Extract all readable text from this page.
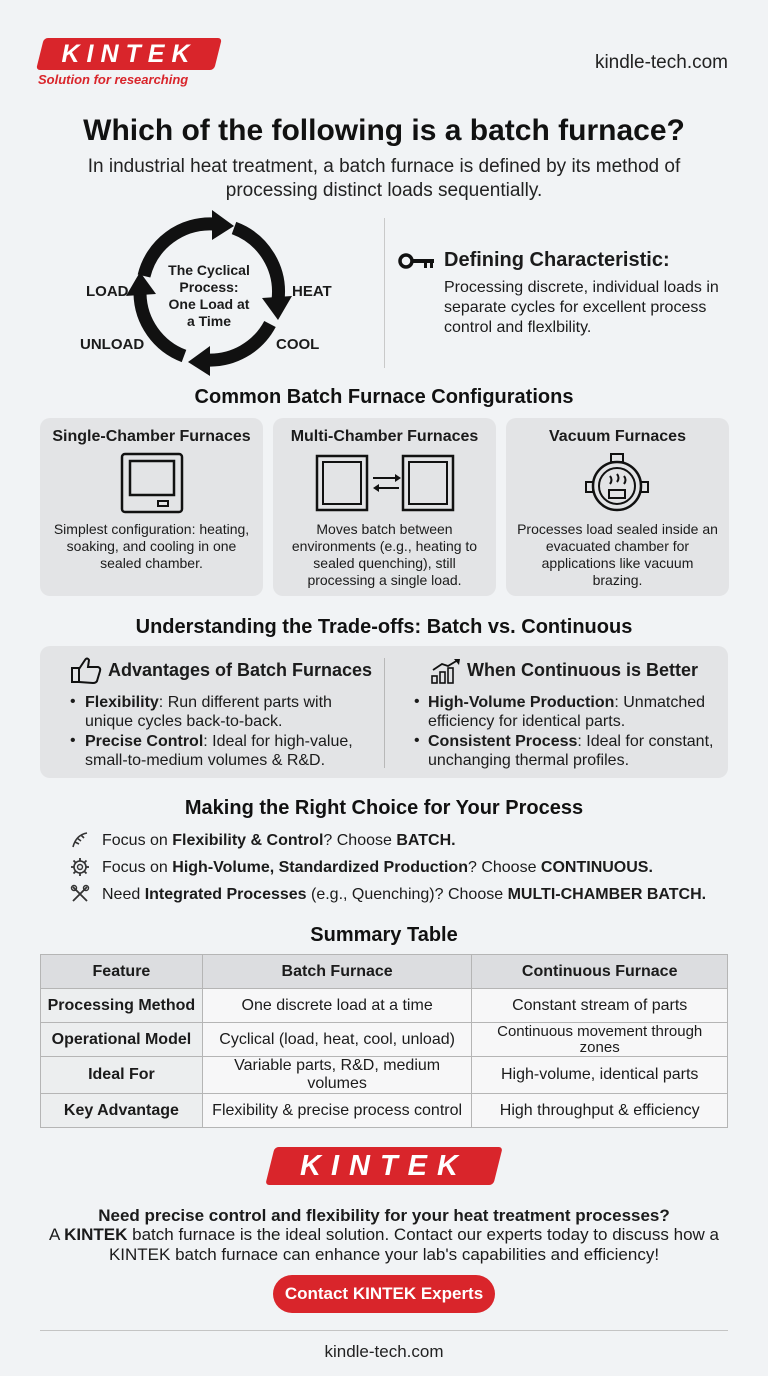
KINTEK
Solution for researching
kindle-tech.com
Which of the following is a batch furnace?
In industrial heat treatment, a batch furnace is defined by its method of processing distinct loads sequentially.
The Cyclical
Process:
One Load at
a Time
LOAD	HEAT
UNLOAD	COOL
Defining Characteristic:
Processing discrete, individual loads in separate cycles for excellent process control and flexlbility.
Common Batch Furnace Configurations
Single-Chamber Furnaces
Simplest configuration: heating, soaking, and cooling in one sealed chamber.
Multi-Chamber Furnaces
Moves batch between environments (e.g., heating to sealed quenching), still processing a single load.
Vacuum Furnaces
Processes load sealed inside an evacuated chamber for applications like vacuum brazing.
Understanding the Trade-offs: Batch vs. Continuous
Advantages of Batch Furnaces
• Flexibility: Run different parts with
unique cycles back-to-back.
• Precise Control: Ideal for high-value,
small-to-medium volumes & R&D.
When Continuous is Better
• High-Volume Production: Unmatched
efficiency for identical parts.
• Consistent Process: Ideal for constant,
unchanging thermal profiles.
Making the Right Choice for Your Process
Focus on Flexibility & Control? Choose BATCH.
Focus on High-Volume, Standardized Production? Choose CONTINUOUS.
Need Integrated Processes (e.g., Quenching)? Choose MULTI-CHAMBER BATCH.
Summary Table
Feature	Batch Furnace	Continuous Furnace
Processing Method	One discrete load at a time	Constant stream of parts
Operational Model	Cyclical (load, heat, cool, unload)	Continuous movement through zones
Ideal For	Variable parts, R&D, medium volumes	High-volume, identical parts
Key Advantage	Flexibility & precise process control	High throughput & efficiency
KINTEK
Need precise control and flexibility for your heat treatment processes?
A KINTEK batch furnace is the ideal solution. Contact our experts today to discuss how a KINTEK batch furnace can enhance your lab's capabilities and efficiency!
Contact KINTEK Experts
kindle-tech.com
